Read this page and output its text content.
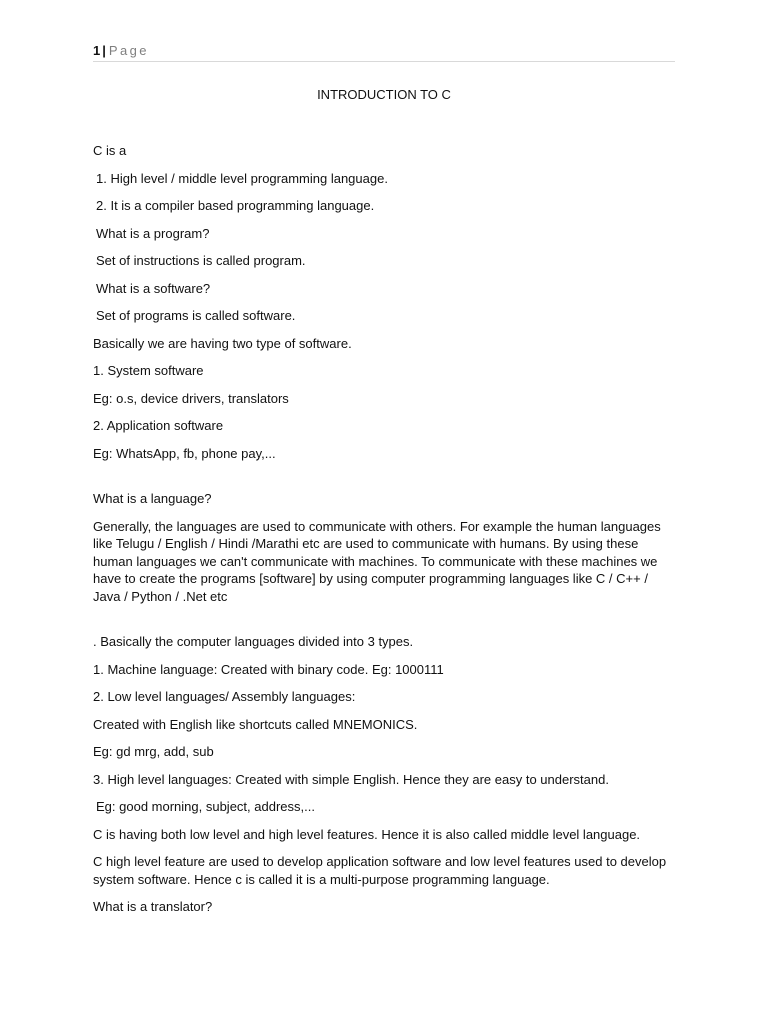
1 | Page
INTRODUCTION TO C

C is a

1. High level / middle level programming language.

2. It is a compiler based programming language.

What is a program?

Set of instructions is called program.

What is a software?

Set of programs is called software.

Basically we are having two type of software.

1. System software

Eg: o.s, device drivers, translators

2. Application software

Eg: WhatsApp, fb, phone pay,...

What is a language?

Generally, the languages are used to communicate with others. For example the human languages like Telugu / English / Hindi /Marathi etc are used to communicate with humans. By using these human languages we can't communicate with machines. To communicate with these machines we have to create the programs [software] by using computer programming languages like C / C++ / Java / Python / .Net etc

. Basically the computer languages divided into 3 types.

1. Machine language: Created with binary code. Eg: 1000111

2. Low level languages/ Assembly languages:

Created with English like shortcuts called MNEMONICS.

Eg: gd mrg, add, sub

3. High level languages: Created with simple English. Hence they are easy to understand.

Eg: good morning, subject, address,...

C is having both low level and high level features. Hence it is also called middle level language.

C high level feature are used to develop application software and low level features used to develop system software. Hence c is called it is a multi-purpose programming language.

What is a translator?
